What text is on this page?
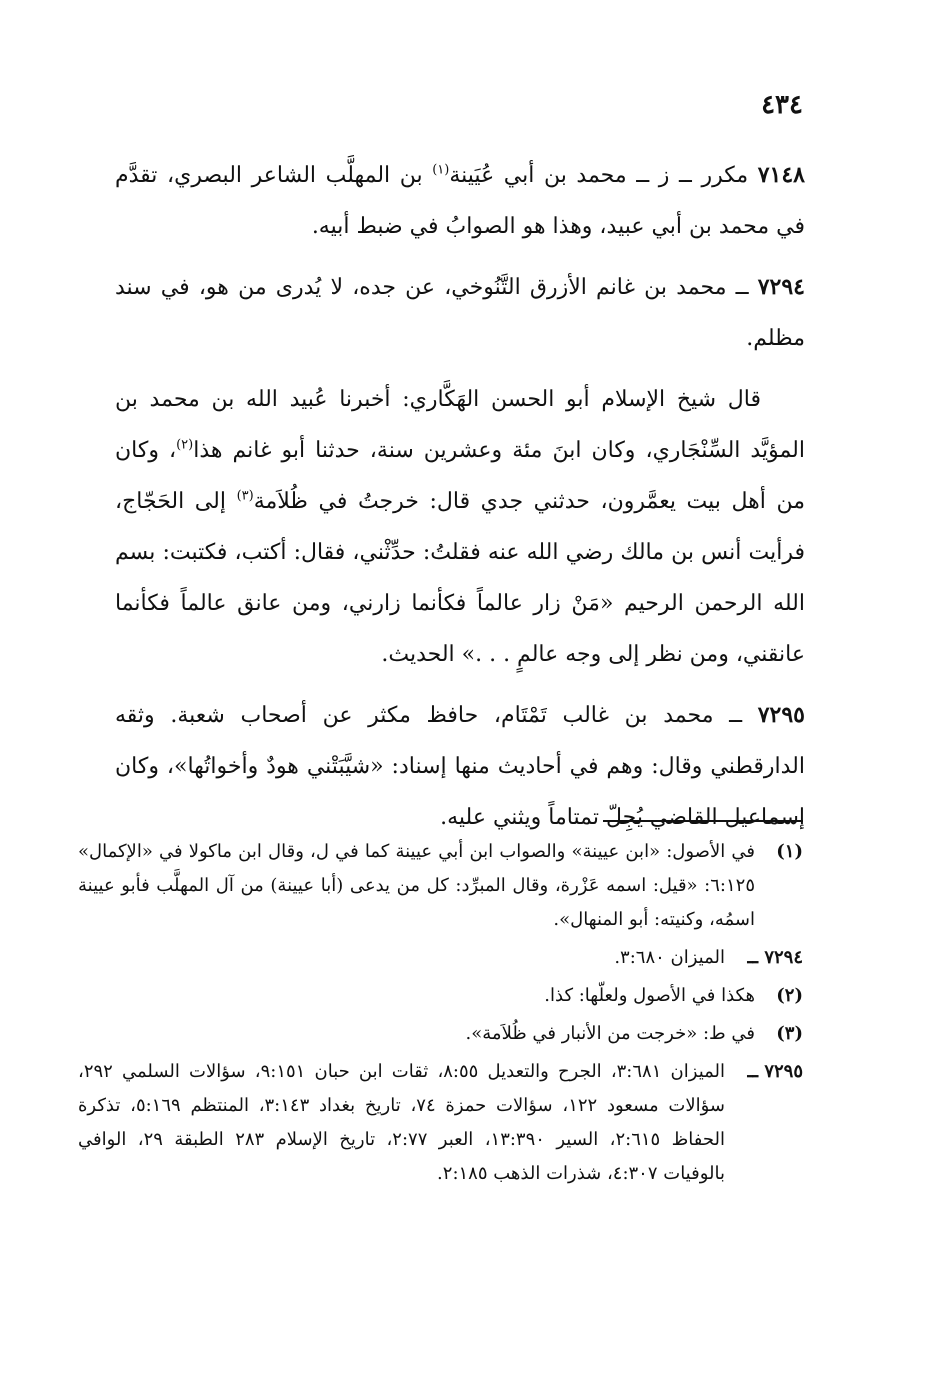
٤٣٤

٧١٤٨ مكرر ــ ز ــ محمد بن أبي عُيَينة$^{(١)}$ بن المهلَّب الشاعر البصري، تقدَّم في محمد بن أبي عبيد، وهذا هو الصوابُ في ضبط أبيه.

٧٢٩٤ ــ محمد بن غانم الأزرق التَّنُوخي، عن جده، لا يُدرى من هو، في سند مظلم.

قال شيخ الإسلام أبو الحسن الهَكَّاري: أخبرنا عُبيد الله بن محمد بن المؤيَّد السِّنْجَاري، وكان ابنَ مئة وعشرين سنة، حدثنا أبو غانم هذا$^{(٢)}$، وكان من أهل بيت يعمَّرون، حدثني جدي قال: خرجتُ في ظُلاَمة$^{(٣)}$ إلى الحَجّاج، فرأيت أنس بن مالك رضي الله عنه فقلتُ: حدِّثْني، فقال: أكتب، فكتبت: بسم الله الرحمن الرحيم «مَنْ زار عالماً فكأنما زارني، ومن عانق عالماً فكأنما عانقني، ومن نظر إلى وجه عالمٍ . . .» الحديث.

٧٢٩٥ ــ محمد بن غالب تَمْتَام، حافظ مكثر عن أصحاب شعبة. وثقه الدارقطني وقال: وهم في أحاديث منها إسناد: «شيَّبَتْني هودٌ وأخواتُها»، وكان إسماعيل القاضي يُجِلّ تمتاماً ويثني عليه.

(١)
في الأصول: «ابن عيينة» والصواب ابن أبي عيينة كما في ل، وقال ابن ماكولا في «الإكمال» ٦:١٢٥: «قيل: اسمه عَزْرة، وقال المبرِّد: كل من يدعى (أبا عيينة) من آل المهلَّب فأبو عيينة اسمُه، وكنيته: أبو المنهال».
٧٢٩٤ ــ
الميزان ٣:٦٨٠.
(٢)
هكذا في الأصول ولعلّها: كذا.
(٣)
في ط: «خرجت من الأنبار في ظُلاَمة».
٧٢٩٥ ــ
الميزان ٣:٦٨١، الجرح والتعديل ٨:٥٥، ثقات ابن حبان ٩:١٥١، سؤالات السلمي ٢٩٢، سؤالات مسعود ١٢٢، سؤالات حمزة ٧٤، تاريخ بغداد ٣:١٤٣، المنتظم ٥:١٦٩، تذكرة الحفاظ ٢:٦١٥، السير ١٣:٣٩٠، العبر ٢:٧٧، تاريخ الإسلام ٢٨٣ الطبقة ٢٩، الوافي بالوفيات ٤:٣٠٧، شذرات الذهب ٢:١٨٥.
